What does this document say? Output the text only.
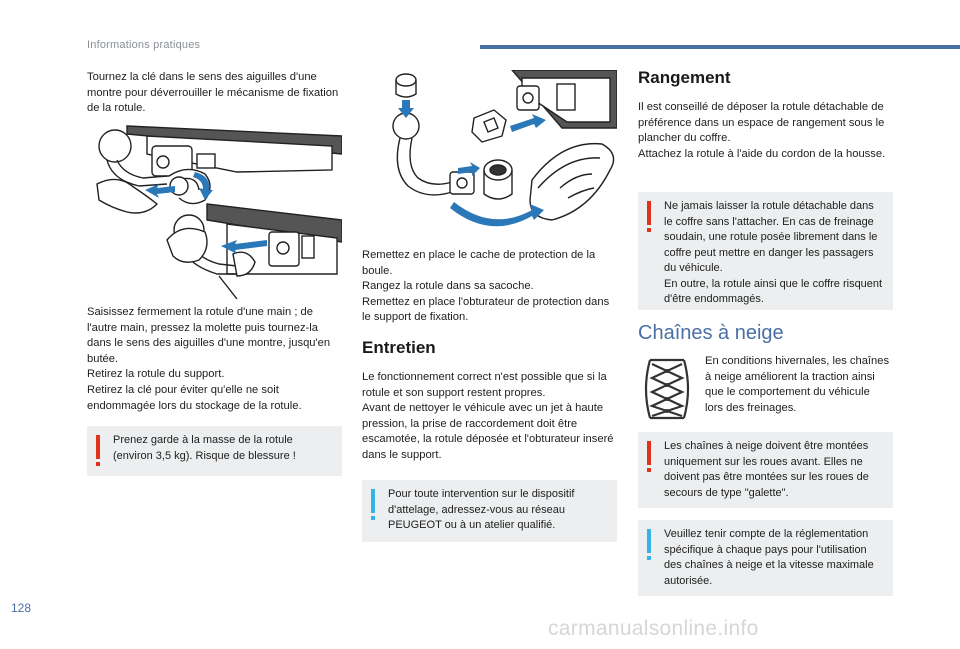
Informations pratiques

Tournez la clé dans le sens des aiguilles d'une montre pour déverrouiller le mécanisme de fixation de la rotule.

Saisissez fermement la rotule d'une main ; de l'autre main, pressez la molette puis tournez-la dans le sens des aiguilles d'une montre, jusqu'en butée.
Retirez la rotule du support.
Retirez la clé pour éviter qu'elle ne soit endommagée lors du stockage de la rotule.

Prenez garde à la masse de la rotule (environ 3,5 kg). Risque de blessure !

Remettez en place le cache de protection de la boule.
Rangez la rotule dans sa sacoche.
Remettez en place l'obturateur de protection dans le support de fixation.

Entretien

Le fonctionnement correct n'est possible que si la rotule et son support restent propres.
Avant de nettoyer le véhicule avec un jet à haute pression, la prise de raccordement doit être escamotée, la rotule déposée et l'obturateur inseré dans le support.

Pour toute intervention sur le dispositif d'attelage, adressez-vous au réseau PEUGEOT ou à un atelier qualifié.

Rangement

Il est conseillé de déposer la rotule détachable de préférence dans un espace de rangement sous le plancher du coffre.
Attachez la rotule à l'aide du cordon de la housse.

Ne jamais laisser la rotule détachable dans le coffre sans l'attacher. En cas de freinage soudain, une rotule posée librement dans le coffre peut mettre en danger les passagers du véhicule.
En outre, la rotule ainsi que le coffre risquent d'être endommagés.

Chaînes à neige

En conditions hivernales, les chaînes à neige améliorent la traction ainsi que le comportement du véhicule lors des freinages.

Les chaînes à neige doivent être montées uniquement sur les roues avant. Elles ne doivent pas être montées sur les roues de secours de type "galette".

Veuillez tenir compte de la réglementation spécifique à chaque pays pour l'utilisation des chaînes à neige et la vitesse maximale autorisée.

128
carmanualsonline.info
